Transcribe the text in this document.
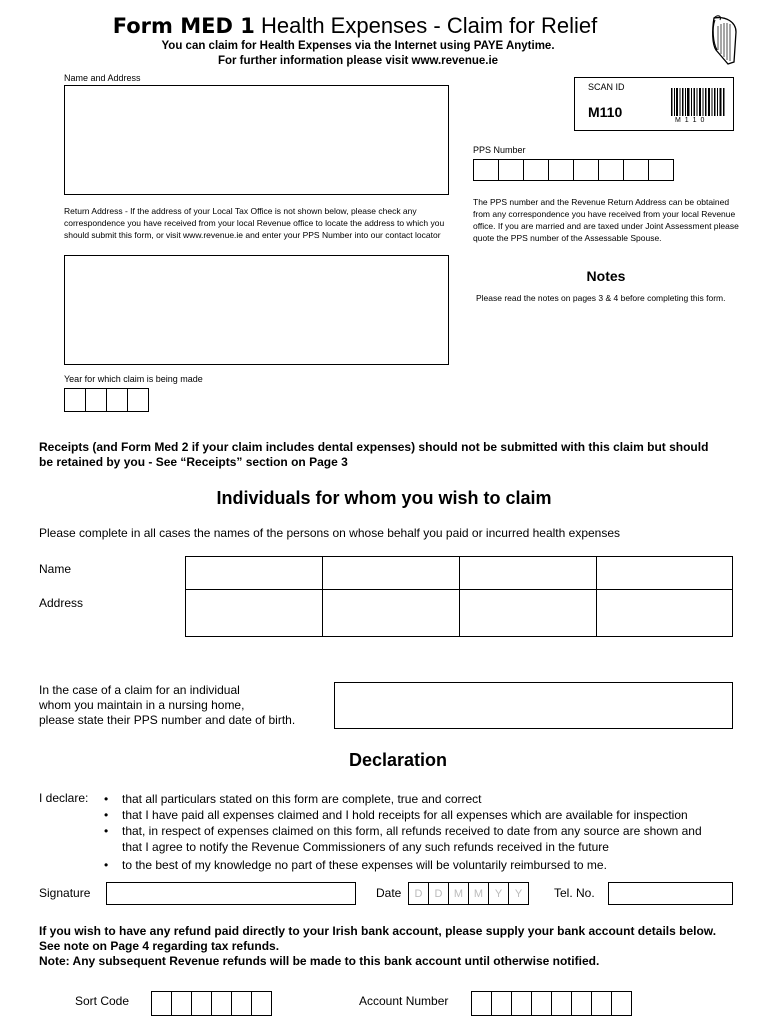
Form MED 1 Health Expenses - Claim for Relief
You can claim for Health Expenses via the Internet using PAYE Anytime.
For further information please visit www.revenue.ie
Name and Address
Return Address - If the address of your Local Tax Office is not shown below, please check any correspondence you have received from your local Revenue office to locate the address to which you should submit this form, or visit www.revenue.ie and enter your PPS Number into our contact locator
Year for which claim is being made
SCAN ID
M110
M 1 1 0
PPS Number
The PPS number and the Revenue Return Address can be obtained from any correspondence you have received from your local Revenue office. If you are married and are taxed under Joint Assessment please quote the PPS number of the Assessable Spouse.
Notes
Please read the notes on pages 3 & 4 before completing this form.
Receipts (and Form Med 2 if your claim includes dental expenses) should not be submitted with this claim but should be retained by you - See “Receipts” section on Page 3
Individuals for whom you wish to claim
Please complete in all cases the names of the persons on whose behalf you paid or incurred health expenses
Name
Address
In the case of a claim for an individual
whom you maintain in a nursing home,
please state their PPS number and date of birth.
Declaration
I declare:
•	that all particulars stated on this form are complete, true and correct
• that I have paid all expenses claimed and I hold receipts for all expenses which are available for inspection
• that, in respect of expenses claimed on this form, all refunds received to date from any source are shown and that I agree to notify the Revenue Commissioners of any such refunds received in the future
• to the best of my knowledge no part of these expenses will be voluntarily reimbursed to me.
Signature	Date	D	D	M M	Y	Y	Tel. No.
If you wish to have any refund paid directly to your Irish bank account, please supply your bank account details below.
See note on Page 4 regarding tax refunds.
Note: Any subsequent Revenue refunds will be made to this bank account until otherwise notified.
Sort Code	Account Number
